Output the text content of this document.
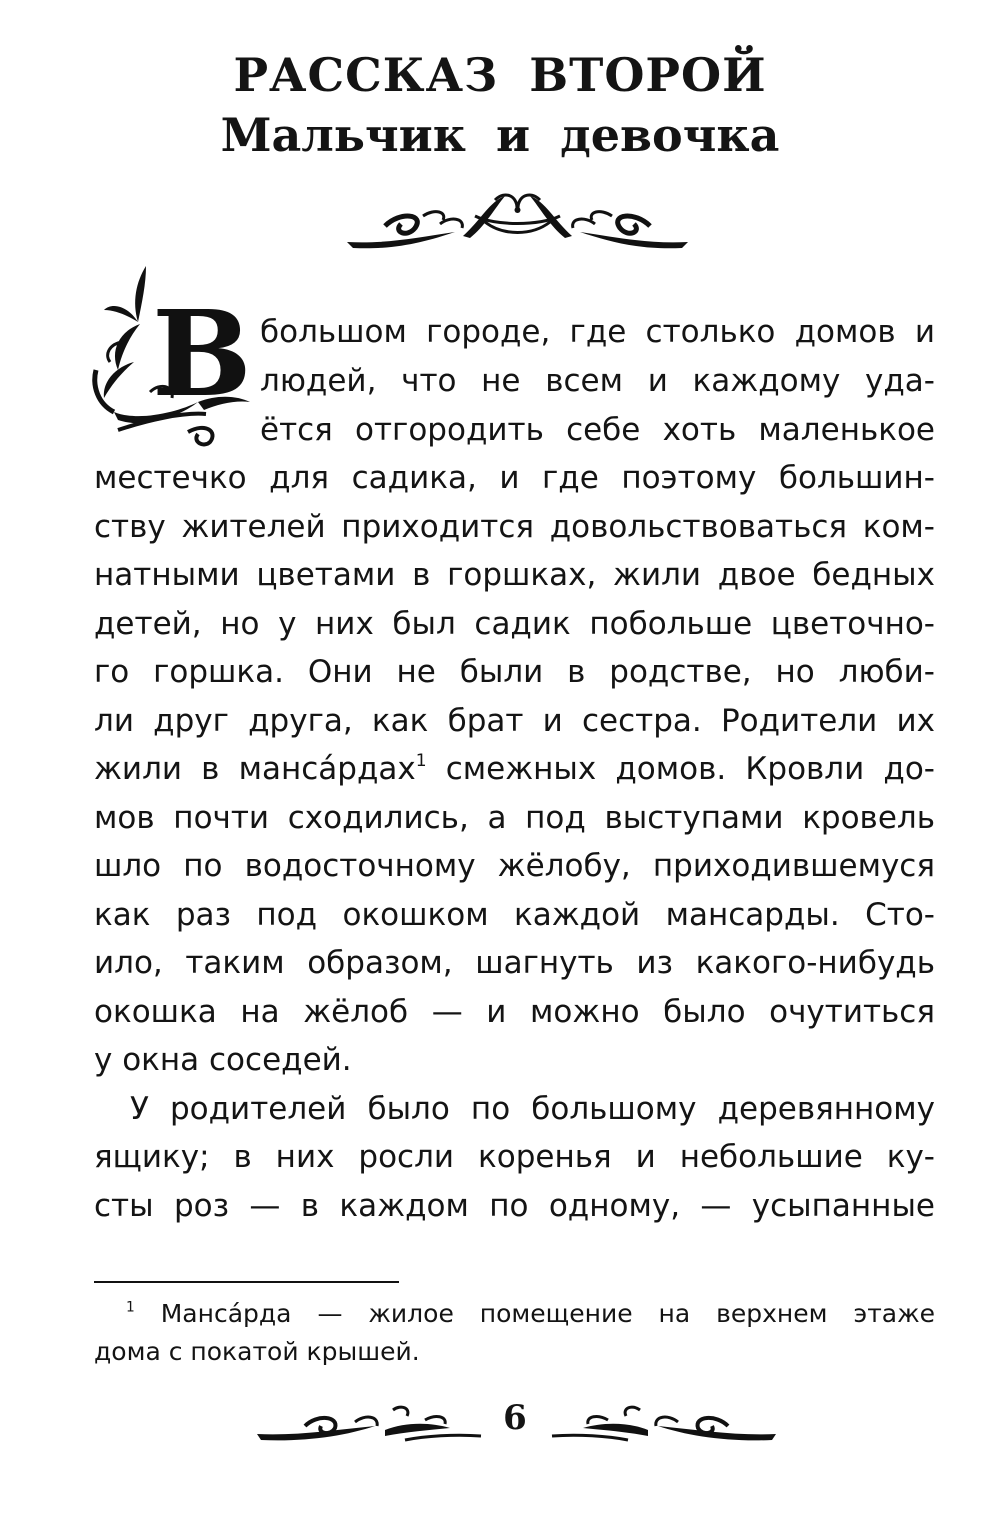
РАССКАЗ ВТОРОЙ
Мальчик и девочка
В большом городе, где столько домов и

людей, что не всем и каждому уда-

ётся отгородить себе хоть маленькое

местечко для садика, и где поэтому большин-

ству жителей приходится довольствоваться ком-

натными цветами в горшках, жили двое бедных

детей, но у них был садик побольше цветочно-

го горшка. Они не были в родстве, но люби-

ли друг друга, как брат и сестра. Родители их

жили в манса́рдах$^1$ смежных домов. Кровли до-

мов почти сходились, а под выступами кровель

шло по водосточному жёлобу, приходившемуся

как раз под окошком каждой мансарды. Сто-

ило, таким образом, шагнуть из какого-нибудь

окошка на жёлоб — и можно было очутиться

у окна соседей.

У родителей было по большому деревянному

ящику; в них росли коренья и небольшие ку-

сты роз — в каждом по одному, — усыпанные

$^1$ Манса́рда — жилое помещение на верхнем этаже

дома с покатой крышей.

6
